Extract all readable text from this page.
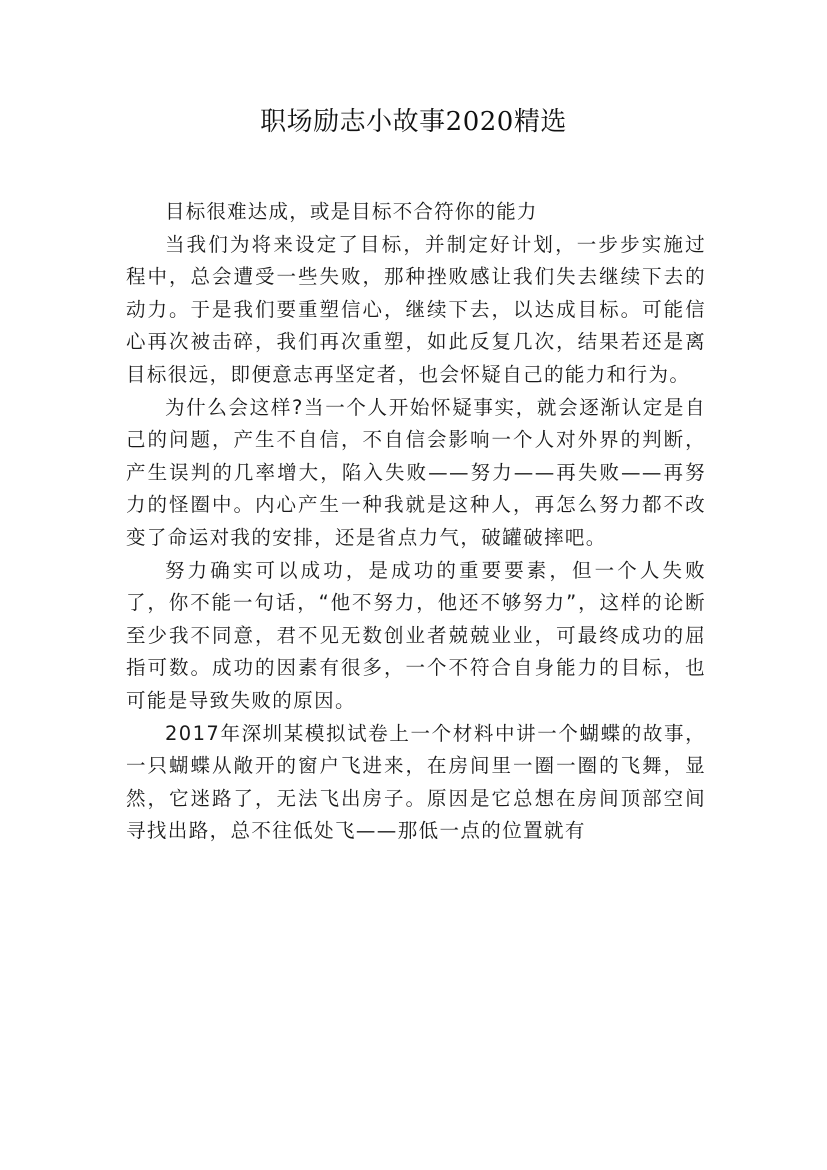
职场励志小故事2020精选

目标很难达成，或是目标不合符你的能力

当我们为将来设定了目标，并制定好计划，一步步实施过程中，总会遭受一些失败，那种挫败感让我们失去继续下去的动力。于是我们要重塑信心，继续下去，以达成目标。可能信心再次被击碎，我们再次重塑，如此反复几次，结果若还是离目标很远，即便意志再坚定者，也会怀疑自己的能力和行为。

为什么会这样?当一个人开始怀疑事实，就会逐渐认定是自己的问题，产生不自信，不自信会影响一个人对外界的判断，产生误判的几率增大，陷入失败——努力——再失败——再努力的怪圈中。内心产生一种我就是这种人，再怎么努力都不改变了命运对我的安排，还是省点力气，破罐破摔吧。

努力确实可以成功，是成功的重要要素，但一个人失败了，你不能一句话，“他不努力，他还不够努力”，这样的论断至少我不同意，君不见无数创业者兢兢业业，可最终成功的屈指可数。成功的因素有很多，一个不符合自身能力的目标，也可能是导致失败的原因。

2017年深圳某模拟试卷上一个材料中讲一个蝴蝶的故事，一只蝴蝶从敞开的窗户飞进来，在房间里一圈一圈的飞舞，显然，它迷路了，无法飞出房子。原因是它总想在房间顶部空间寻找出路，总不往低处飞——那低一点的位置就有
